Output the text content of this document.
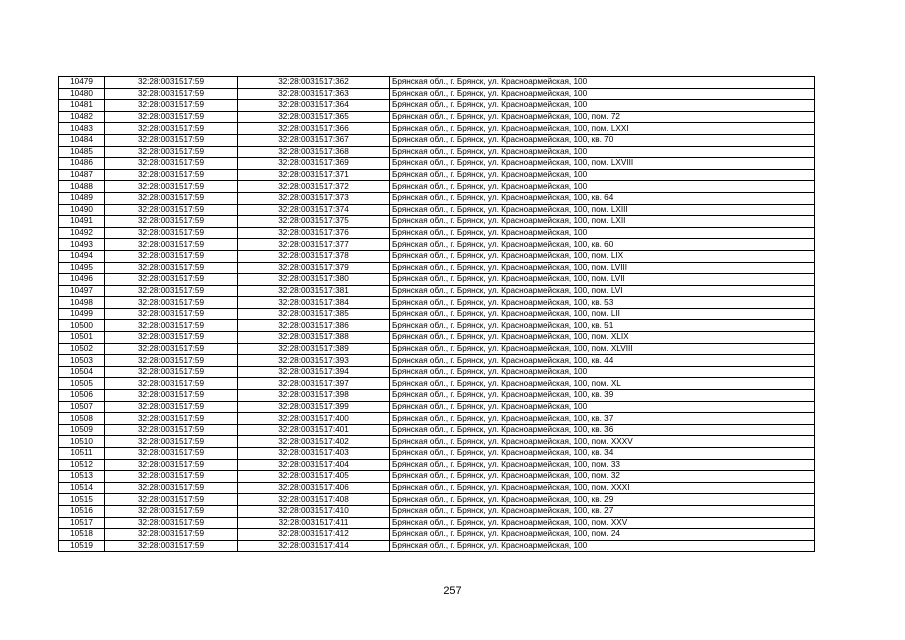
10479	32:28:0031517:59	32:28:0031517:362	Брянская обл., г. Брянск, ул. Красноармейская, 100
10480	32:28:0031517:59	32:28:0031517:363	Брянская обл., г. Брянск, ул. Красноармейская, 100
10481	32:28:0031517:59	32:28:0031517:364	Брянская обл., г. Брянск, ул. Красноармейская, 100
10482	32:28:0031517:59	32:28:0031517:365	Брянская обл., г. Брянск, ул. Красноармейская, 100, пом. 72
10483	32:28:0031517:59	32:28:0031517:366	Брянская обл., г. Брянск, ул. Красноармейская, 100, пом. LXXI
10484	32:28:0031517:59	32:28:0031517:367	Брянская обл., г. Брянск, ул. Красноармейская, 100, кв. 70
10485	32:28:0031517:59	32:28:0031517:368	Брянская обл., г. Брянск, ул. Красноармейская, 100
10486	32:28:0031517:59	32:28:0031517:369	Брянская обл., г. Брянск, ул. Красноармейская, 100, пом. LXVIII
10487	32:28:0031517:59	32:28:0031517:371	Брянская обл., г. Брянск, ул. Красноармейская, 100
10488	32:28:0031517:59	32:28:0031517:372	Брянская обл., г. Брянск, ул. Красноармейская, 100
10489	32:28:0031517:59	32:28:0031517:373	Брянская обл., г. Брянск, ул. Красноармейская, 100, кв. 64
10490	32:28:0031517:59	32:28:0031517:374	Брянская обл., г. Брянск, ул. Красноармейская, 100, пом. LXIII
10491	32:28:0031517:59	32:28:0031517:375	Брянская обл., г. Брянск, ул. Красноармейская, 100, пом. LXII
10492	32:28:0031517:59	32:28:0031517:376	Брянская обл., г. Брянск, ул. Красноармейская, 100
10493	32:28:0031517:59	32:28:0031517:377	Брянская обл., г. Брянск, ул. Красноармейская, 100, кв. 60
10494	32:28:0031517:59	32:28:0031517:378	Брянская обл., г. Брянск, ул. Красноармейская, 100, пом. LIX
10495	32:28:0031517:59	32:28:0031517:379	Брянская обл., г. Брянск, ул. Красноармейская, 100, пом. LVIII
10496	32:28:0031517:59	32:28:0031517:380	Брянская обл., г. Брянск, ул. Красноармейская, 100, пом. LVII
10497	32:28:0031517:59	32:28:0031517:381	Брянская обл., г. Брянск, ул. Красноармейская, 100, пом. LVI
10498	32:28:0031517:59	32:28:0031517:384	Брянская обл., г. Брянск, ул. Красноармейская, 100, кв. 53
10499	32:28:0031517:59	32:28:0031517:385	Брянская обл., г. Брянск, ул. Красноармейская, 100, пом. LII
10500	32:28:0031517:59	32:28:0031517:386	Брянская обл., г. Брянск, ул. Красноармейская, 100, кв. 51
10501	32:28:0031517:59	32:28:0031517:388	Брянская обл., г. Брянск, ул. Красноармейская, 100, пом. XLIX
10502	32:28:0031517:59	32:28:0031517:389	Брянская обл., г. Брянск, ул. Красноармейская, 100, пом. XLVIII
10503	32:28:0031517:59	32:28:0031517:393	Брянская обл., г. Брянск, ул. Красноармейская, 100, кв. 44
10504	32:28:0031517:59	32:28:0031517:394	Брянская обл., г. Брянск, ул. Красноармейская, 100
10505	32:28:0031517:59	32:28:0031517:397	Брянская обл., г. Брянск, ул. Красноармейская, 100, пом. XL
10506	32:28:0031517:59	32:28:0031517:398	Брянская обл., г. Брянск, ул. Красноармейская, 100, кв. 39
10507	32:28:0031517:59	32:28:0031517:399	Брянская обл., г. Брянск, ул. Красноармейская, 100
10508	32:28:0031517:59	32:28:0031517:400	Брянская обл., г. Брянск, ул. Красноармейская, 100, кв. 37
10509	32:28:0031517:59	32:28:0031517:401	Брянская обл., г. Брянск, ул. Красноармейская, 100, кв. 36
10510	32:28:0031517:59	32:28:0031517:402	Брянская обл., г. Брянск, ул. Красноармейская, 100, пом. XXXV
10511	32:28:0031517:59	32:28:0031517:403	Брянская обл., г. Брянск, ул. Красноармейская, 100, кв. 34
10512	32:28:0031517:59	32:28:0031517:404	Брянская обл., г. Брянск, ул. Красноармейская, 100, пом. 33
10513	32:28:0031517:59	32:28:0031517:405	Брянская обл., г. Брянск, ул. Красноармейская, 100, пом. 32
10514	32:28:0031517:59	32:28:0031517:406	Брянская обл., г. Брянск, ул. Красноармейская, 100, пом. XXXI
10515	32:28:0031517:59	32:28:0031517:408	Брянская обл., г. Брянск, ул. Красноармейская, 100, кв. 29
10516	32:28:0031517:59	32:28:0031517:410	Брянская обл., г. Брянск, ул. Красноармейская, 100, кв. 27
10517	32:28:0031517:59	32:28:0031517:411	Брянская обл., г. Брянск, ул. Красноармейская, 100, пом. XXV
10518	32:28:0031517:59	32:28:0031517:412	Брянская обл., г. Брянск, ул. Красноармейская, 100, пом. 24
10519	32:28:0031517:59	32:28:0031517:414	Брянская обл., г. Брянск, ул. Красноармейская, 100
257
